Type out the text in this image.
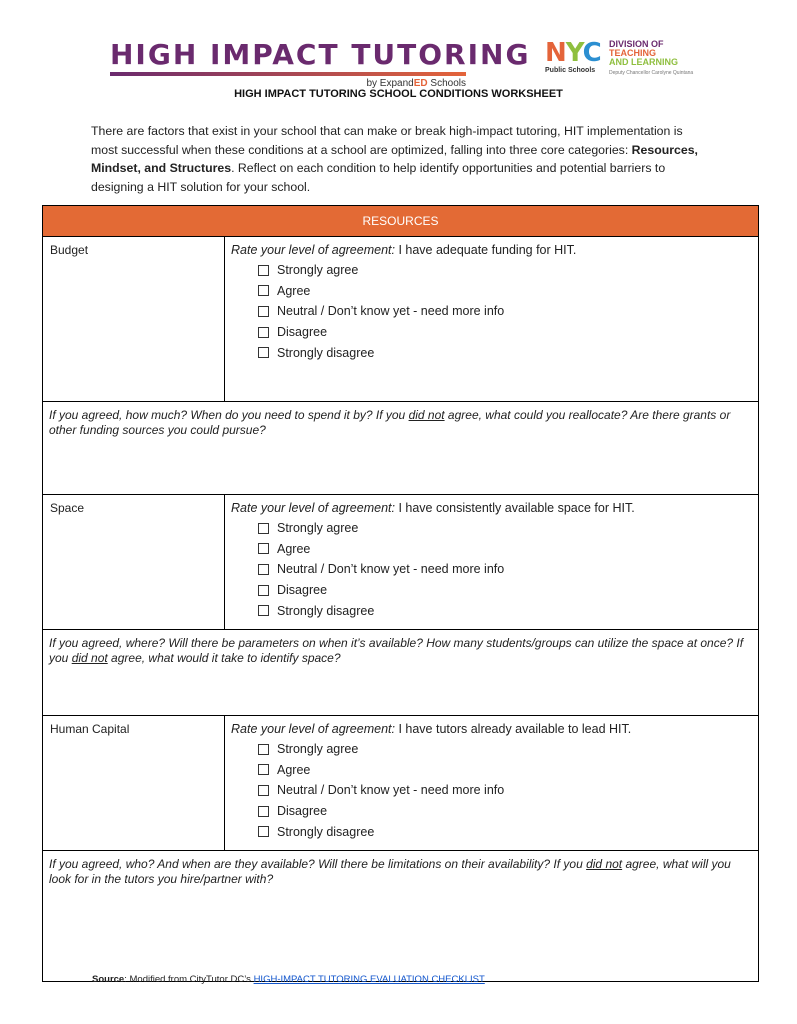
HIGH IMPACT TUTORING
by ExpandED Schools
NYC
Public Schools
DIVISION OF
TEACHING
AND LEARNING
Deputy Chancellor Carolyne Quintana
HIGH IMPACT TUTORING SCHOOL CONDITIONS WORKSHEET
There are factors that exist in your school that can make or break high-impact tutoring, HIT implementation is most successful when these conditions at a school are optimized, falling into three core categories: Resources, Mindset, and Structures. Reflect on each condition to help identify opportunities and potential barriers to designing a HIT solution for your school.
RESOURCES
Budget	Rate your level of agreement: I have adequate funding for HIT.
Strongly agree
Agree
Neutral / Don’t know yet - need more info
Disagree
Strongly disagree
If you agreed, how much? When do you need to spend it by? If you did not agree, what could you reallocate? Are there grants or other funding sources you could pursue?
Space	Rate your level of agreement: I have consistently available space for HIT.
Strongly agree
Agree
Neutral / Don’t know yet - need more info
Disagree
Strongly disagree
If you agreed, where? Will there be parameters on when it’s available? How many students/groups can utilize the space at once? If you did not agree, what would it take to identify space?
Human Capital	Rate your level of agreement: I have tutors already available to lead HIT.
Strongly agree
Agree
Neutral / Don’t know yet - need more info
Disagree
Strongly disagree
If you agreed, who? And when are they available? Will there be limitations on their availability? If you did not agree, what will you look for in the tutors you hire/partner with?
Source: Modified from CityTutor DC’s HIGH-IMPACT TUTORING EVALUATION CHECKLIST
